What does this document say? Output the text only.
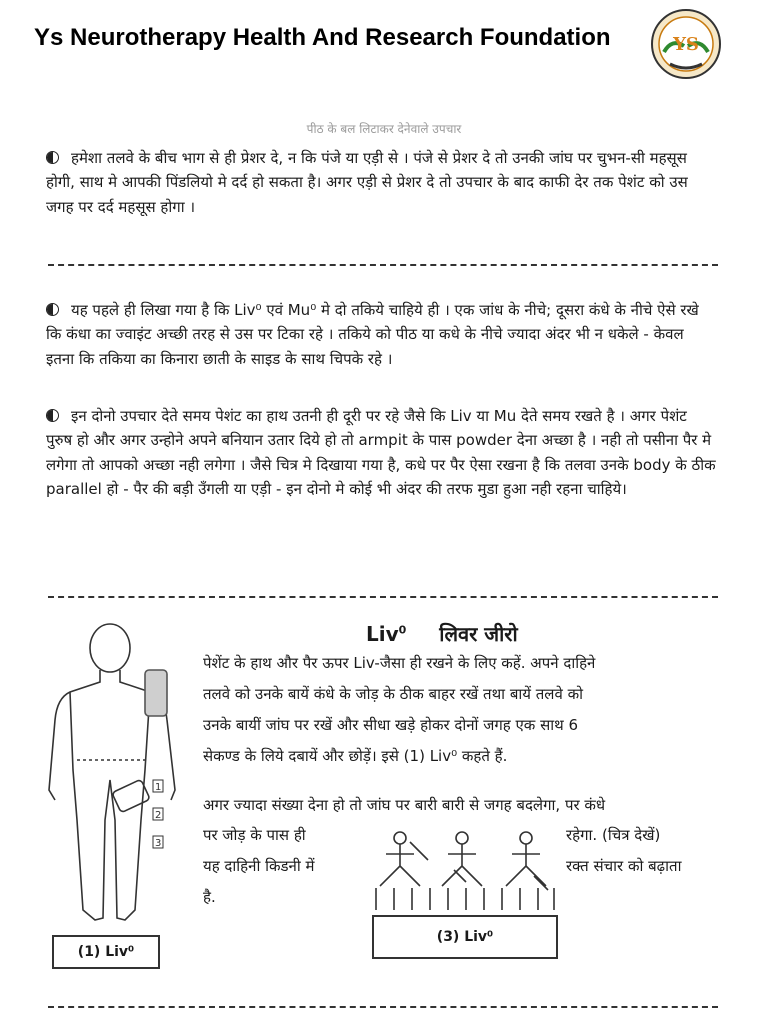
Ys Neurotherapy Health And Research Foundation	YS
पीठ के बल लिटाकर देनेवाले उपचार
हमेशा तलवे के बीच भाग से ही प्रेशर दे, न कि पंजे या एड़ी से । पंजे से प्रेशर दे तो उनकी जांघ पर चुभन-सी महसूस होगी, साथ मे आपकी पिंडलियो मे दर्द हो सकता है। अगर एड़ी से प्रेशर दे तो उपचार के बाद काफी देर तक पेशंट को उस जगह पर दर्द महसूस होगा ।
यह पहले ही लिखा गया है कि Liv⁰ एवं Mu⁰ मे दो तकिये चाहिये ही । एक जांध के नीचे; दूसरा कंधे के नीचे ऐसे रखे कि कंधा का ज्वाइंट अच्छी तरह से उस पर टिका रहे । तकिये को पीठ या कधे के नीचे ज्यादा अंदर भी न धकेले - केवल इतना कि तकिया का किनारा छाती के साइड के साथ चिपके रहे ।
इन दोनो उपचार देते समय पेशंट का हाथ उतनी ही दूरी पर रहे जैसे कि Liv या Mu देते समय रखते है । अगर पेशंट पुरुष हो और अगर उन्होने अपने बनियान उतार दिये हो तो armpit के पास powder देना अच्छा है । नही तो पसीना पैर मे लगेगा तो आपको अच्छा नही लगेगा । जैसे चित्र मे दिखाया गया है, कधे पर पैर ऐसा रखना है कि तलवा उनके body के ठीक parallel हो - पैर की बड़ी उँगली या एड़ी - इन दोनो मे कोई भी अंदर की तरफ मुडा हुआ नही रहना चाहिये।
Liv$^0$ लिवर जीरो
पेशेंट के हाथ और पैर ऊपर Liv-जैसा ही रखने के लिए कहें. अपने दाहिने
तलवे को उनके बायें कंधे के जोड़ के ठीक बाहर रखें तथा बायें तलवे को
उनके बायीं जांघ पर रखें और सीधा खड़े होकर दोनों जगह एक साथ 6
सेकण्ड के लिये दबायें और छोड़ें। इसे (1) Liv⁰ कहते हैं.
अगर ज्यादा संख्या देना हो तो जांघ पर बारी बारी से जगह बदलेगा, पर कंधे
पर जोड़ के पास ही
यह दाहिनी किडनी में
है.
रहेगा. (चित्र देखें)
रक्त संचार को बढ़ाता
1
2
3
(1) Liv⁰
(3) Liv⁰
